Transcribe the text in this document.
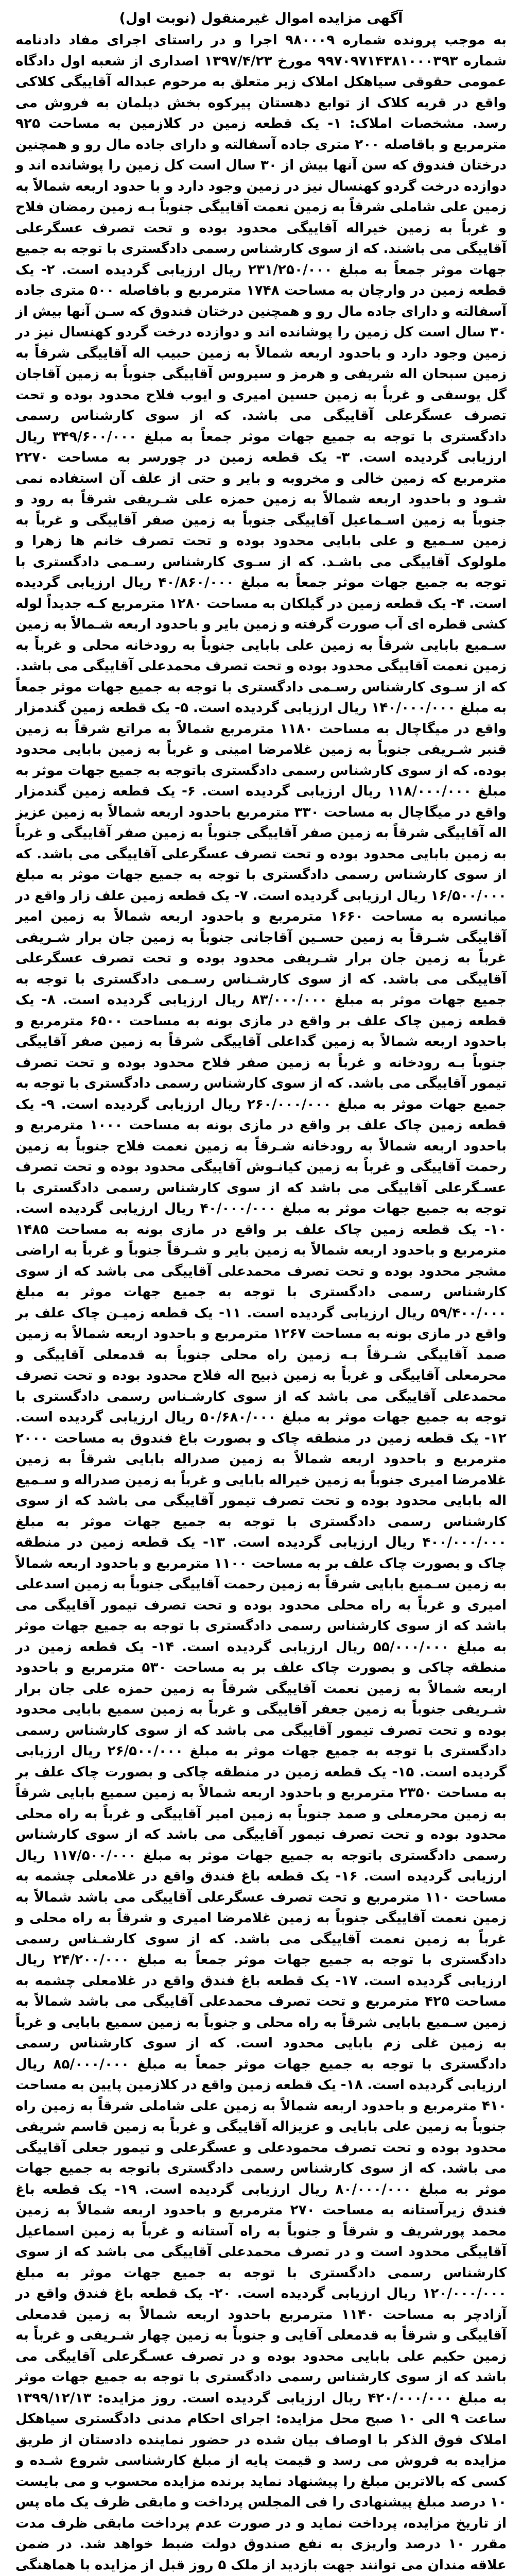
آگهی مزایده اموال غیرمنقول (نوبت اول)

به موجب پرونده شماره ۹۸۰۰۰۹ اجرا و در راستای اجرای مفاد دادنامه شماره ۹۹۷۰۹۷۱۴۳۸۱۰۰۰۳۹۳ مورخ ۱۳۹۷/۴/۲۳ اصداری از شعبه اول دادگاه عمومی حقوقی سیاهکل املاک زیر متعلق به مرحوم عبداله آقاییگی کلاکی واقع در قریه کلاک از توابع دهستان پیرکوه بخش دیلمان به فروش می رسد. مشخصات املاک: ۱- یک قطعه زمین در کلازمین به مساحت ۹۲۵ مترمربع و باقاصله ۲۰۰ متری جاده آسفالته و دارای جاده مال رو و همچنین درختان فندوق که سن آنها بیش از ۳۰ سال است کل زمین را پوشانده اند و دوازده درخت گردو کهنسال نیز در زمین وجود دارد و با حدود اربعه شمالاً به زمین علی شاملی شرقاً به زمین نعمت آقاییگی جنوباً بـه زمین رمضان فلاح و غرباً به زمین خیراله آقاییگی محدود بوده و تحت تصرف عسگرعلی آقاییگی می باشند. که از سوی کارشناس رسمی دادگستری با توجه به جمیع جهات موثر جمعاً به مبلغ ۲۳۱/۲۵۰/۰۰۰ ریال ارزیابی گردیده است. ۲- یک قطعه زمین در وارچان به مساحت ۱۷۴۸ مترمربع و بافاصله ۵۰۰ متری جاده آسفالته و دارای جاده مال رو و همچنین درختان فندوق که سـن آنها بیش از ۳۰ سال است کل زمین را پوشانده اند و دوازده درخت گردو کهنسال نیز در زمین وجود دارد و باحدود اربعه شمالاً به زمین حبیب اله آقاییگی شرقاً به زمین سبحان اله شریفی و هرمز و سیروس آقاییگی جنوباً به زمین آقاجان گل یوسفی و غرباً به زمین حسین امیری و ایوب فلاح محدود بوده و تحت تصرف عسگرعلی آقاییگی می باشد. که از سوی کارشناس رسمی دادگستری با توجه به جمیع جهات موثر جمعاً به مبلغ ۳۴۹/۶۰۰/۰۰۰ ریال ارزیابی گردیده است. ۳- یک قطعه زمین در چورسر به مساحت ۲۲۷۰ مترمربع که زمین خالی و مخروبه و بایر و حتی از علف آن استفاده نمی شـود و باحدود اربعه شمالاً به زمین حمزه علی شـریفی شرقاً به رود و جنوباً به زمین اسـماعیل آقاییگی جنوباً به زمین صفر آقاییگی و غرباً به زمین سـمیع و علی بابایی محدود بوده و تحت تصرف خانم ها زهرا و ملولوک آقاییگی می باشـد. که از سـوی کارشناس رسـمی دادگستری با توجه به جمیع جهات موثر جمعاً به مبلغ ۴۰/۸۶۰/۰۰۰ ریال ارزیابی گردیده است. ۴- یک قطعه زمین در گیلکان به مساحت ۱۲۸۰ مترمربع کـه جدیداً لوله کشی قطره ای آب صورت گرفته و زمین بایر و باحدود اربعه شـمالاً به زمین سـمیع بابایی شرقاً به زمین علی بابایی جنوباً به رودخانه محلی و غرباً به زمین نعمت آقاییگی محدود بوده و تحت تصرف محمدعلی آقاییگی می باشد. که از سـوی کارشناس رسـمی دادگستری با توجه به جمیع جهات موثر جمعاً به مبلغ ۱۴۰/۰۰۰/۰۰۰ ریال ارزیابی گردیده است. ۵- یک قطعه زمین گندمزار واقع در میگاچال به مساحت ۱۱۸۰ مترمربع شمالاً به مراتع شرقاً به زمین قنبر شـریفی جنوباً به زمین غلامرضا امینی و غرباً به زمین بابایی محدود بوده. که از سوی کارشناس رسمی دادگستری باتوجه به جمیع جهات موثر به مبلغ ۱۱۸/۰۰۰/۰۰۰ ریال ارزیابی گردیده است. ۶- یک قطعه زمین گندمزار واقع در میگاچال به مساحت ۳۳۰ مترمربع باحدود اربعه شمالاً به زمین عزیز اله آقاییگی شرقاً به زمین صفر آقاییگی جنوباً به زمین صفر آقاییگی و غرباً به زمین بابایی محدود بوده و تحت تصرف عسگرعلی آقاییگی می باشد. که از سوی کارشناس رسمی دادگستری با توجه به جمیع جهات موثر به مبلغ ۱۶/۵۰۰/۰۰۰ ریال ارزیابی گردیده است. ۷- یک قطعه زمین علف زار واقع در میانسره به مساحت ۱۶۶۰ مترمربع و باحدود اربعه شمالاً به زمین امیر آقاییگی شـرقاً به زمین حسـین آقاجانی جنوباً به زمین جان برار شـریفی غرباً به زمین جان برار شـریفی محدود بوده و تحت تصرف عسگرعلی آقاییگی می باشد. که از سوی کارشـناس رسـمی دادگستری با توجه به جمیع جهات موثر به مبلغ ۸۳/۰۰۰/۰۰۰ ریال ارزیابی گردیده است. ۸- یک قطعه زمین چاک علف بر واقع در مازی بونه به مساحت ۶۵۰۰ مترمربع و باحدود اربعه شمالاً به زمین گداعلی آقاییگی شرقاً به زمین صفر آقاییگی جنوباً بـه رودخانه و غرباً به زمین صفر فلاح محدود بوده و تحت تصرف تیمور آقاییگی می باشد. که از سوی کارشناس رسمی دادگستری با توجه به جمیع جهات موثر به مبلغ ۲۶۰/۰۰۰/۰۰۰ ریال ارزیابی گردیده است. ۹- یک قطعه زمین چاک علف بر واقع در مازی بونه به مساحت ۱۰۰۰ مترمربع و باحدود اربعه شمالاً به رودخانه شـرقاً به زمین نعمت فلاح جنوباً به زمین رحمت آقاییگی و غرباً به زمین کیانـوش آقاییگی محدود بوده و تحت تصرف عسـگرعلی آقاییگی می باشد که از سوی کارشناس رسمی دادگستری با توجه به جمیع جهات موثر به مبلغ ۴۰/۰۰۰/۰۰۰ ریال ارزیابی گردیده است. ۱۰- یک قطعه زمین چاک علف بر واقع در مازی بونه به مساحت ۱۴۸۵ مترمربع و باحدود اربعه شمالاً به زمین بایر و شـرقاً جنوباً و غرباً به اراضی مشجر محدود بوده و تحت تصرف محمدعلی آقاییگی می باشد که از سوی کارشناس رسمی دادگستری با توجه به جمیع جهات موثر به مبلغ ۵۹/۴۰۰/۰۰۰ ریال ارزیابی گردیده است. ۱۱- یک قطعه زمیـن چاک علف بر واقع در مازی بونه به مساحت ۱۲۶۷ مترمربع و باحدود اربعه شمالاً به زمین صمد آقاییگی شـرقاً بـه زمین راه محلی جنوباً به قدمعلی آقاییگی و محرمعلی آقاییگی و غرباً به زمین ذبیح اله فلاح محدود بوده و تحت تصرف محمدعلی آقاییگی می باشد که از سوی کارشـناس رسمی دادگستری با توجه به جمیع جهات موثر به مبلغ ۵۰/۶۸۰/۰۰۰ ریال ارزیابی گردیده است. ۱۲- یک قطعه زمین در منطقه چاک و بصورت باغ فندوق به مساحت ۲۰۰۰ مترمربع و باحدود اربعه شمالاً به زمین صدراله بابایی شرقاً به زمین غلامرضا امیری جنوباً به زمین خیراله بابایی و غرباً به زمین صدراله و سـمیع اله بابایی محدود بوده و تحت تصرف تیمور آقاییگی می باشد که از سوی کارشناس رسمی دادگستری با توجه به جمیع جهات موثر به مبلغ ۴۰۰/۰۰۰/۰۰۰ ریال ارزیابی گردیده است. ۱۳- یک قطعه زمین در منطقه چاک و بصورت چاک علف بر به مساحت ۱۱۰۰ مترمربع و باحدود اربعه شمالاً به زمین سـمیع بابایی شرقاً به زمین رحمت آقاییگی جنوباً به زمین اسدعلی امیری و غرباً به راه محلی محدود بوده و تحت تصرف تیمور آقاییگی می باشد که از سوی کارشناس رسمی دادگستری با توجه به جمیع جهات موثر به مبلغ ۵۵/۰۰۰/۰۰۰ ریال ارزیابی گردیده است. ۱۴- یک قطعه زمین در منطقه چاکی و بصورت چاک علف بر به مساحت ۵۳۰ مترمربع و باحدود اربعه شمالاً به زمین نعمت آقاییگی شرقاً به زمین حمزه علی جان برار شـریفی جنوباً به زمین جعفر آقاییگی و غرباً به زمین سمیع بابایی محدود بوده و تحت تصرف تیمور آقاییگی می باشد که از سوی کارشناس رسمی دادگستری با توجه به جمیع جهات موثر به مبلغ ۲۶/۵۰۰/۰۰۰ ریال ارزیابی گردیده است. ۱۵- یک قطعه زمین در منطقه چاکی و بصورت چاک علف بر به مساحت ۲۳۵۰ مترمربع و باحدود اربعه شمالاً به زمین سمیع بابایی شرقاً به زمین محرمعلی و صمد جنوباً به زمین امیر آقاییگی و غرباً به راه محلی محدود بوده و تحت تصرف تیمور آقاییگی می باشد که از سوی کارشناس رسمی دادگستری باتوجه به جمیع جهات موثر به مبلغ ۱۱۷/۵۰۰/۰۰۰ ریال ارزیابی گردیده است. ۱۶- یک قطعه باغ فندق واقع در غلامعلی چشمه به مساحت ۱۱۰ مترمربع و تحت تصرف عسگرعلی آقاییگی می باشد شمالاً به زمین نعمت آقاییگی جنوباً به زمین غلامرضا امیری و شرقاً به راه محلی و غرباً به زمین نعمت آقاییگی می باشد. که از سوی کارشـناس رسمی دادگستری با توجه به جمیع جهات موثر جمعاً به مبلغ ۲۴/۲۰۰/۰۰۰ ریال ارزیابی گردیده است. ۱۷- یک قطعه باغ فندق واقع در غلامعلی چشمه به مساحت ۴۲۵ مترمربع و تحت تصرف محمدعلی آقاییگی می باشد شمالاً به زمین سـمیع بابایی شرقاً به راه محلی و جنوباً به زمین سمیع بابایی و غرباً به زمین غلی زم بابایی محدود است. که از سوی کارشناس رسمی دادگستری با توجه به جمیع جهات موثر جمعاً به مبلغ ۸۵/۰۰۰/۰۰۰ ریال ارزیابی گردیده است. ۱۸- یک قطعه زمین واقع در کلازمین پایین به مساحت ۴۱۰ مترمربع و باحدود اربعه شمالاً به زمین علی شاملی شرقاً به زمین راه جنوباً به زمین علی بابایی و عزیزاله آقاییگی و غرباً به زمین قاسم شریفی محدود بوده و تحت تصرف محمودعلی و عسگرعلی و تیمور جعلی آقاییگی می باشد. که از سوی کارشناس رسمی دادگستری باتوجه به جمیع جهات موثر به مبلغ ۸۰/۰۰۰/۰۰۰ ریال ارزیابی گردیده است. ۱۹- یک قطعه باغ فندق زیرآستانه به مساحت ۲۷۰ مترمربع و باحدود اربعه شمالاً به زمین محمد پورشریف و شرقاً و جنوباً به راه آستانه و غرباً به زمین اسماعیل آقاییگی محدود است و در تصرف محمدعلی آقاییگی می باشد که از سوی کارشناس رسمی دادگستری با توجه به جمیع جهات موثر به مبلغ ۱۲۰/۰۰۰/۰۰۰ ریال ارزیابی گردیده است. ۲۰- یک قطعه باغ فندق واقع در آزادچر به مساحت ۱۱۴۰ مترمربع باحدود اربعه شمالاً به زمین قدمعلی آقاییگی و شرقاً به قدمعلی آقایی و جنوباً به زمین چهار شـریفی و غرباً به زمین حکیم علی بابایی محدود بوده و در تصرف عسـگرعلی آقاییگی می باشد که از سوی کارشناس رسمی دادگستری با توجه به جمیع جهات موثر به مبلغ ۴۲۰/۰۰۰/۰۰۰ ریال ارزیابی گردیده است. روز مزایده: ۱۳۹۹/۱۲/۱۳ ساعت ۹ الی ۱۰ صبح محل مزایده: اجرای احکام مدنی دادگستری سیاهکل املاک فوق الذکر با اوصاف بیان شده در حضور نماینده دادستان از طریق مزایده به فروش می رسد و قیمت پایه از مبلغ کارشناسی شروع شـده و کسی که بالاترین مبلغ را پیشنهاد نماید برنده مزایده محسوب و می بایست ۱۰ درصد مبلغ پیشنهادی را فی المجلس پرداخت و مابقی ظرف یک ماه پس از تاریخ مزایده، پرداخت نماید و در صورت عدم پرداخت مابقی ظرف مدت مقرر ۱۰ درصد واریزی به نفع صندوق دولت ضبط خواهد شد. در ضمن علاقه مندان می توانند جهت بازدید از ملک ۵ روز قبل از مزایده با هماهنگی
